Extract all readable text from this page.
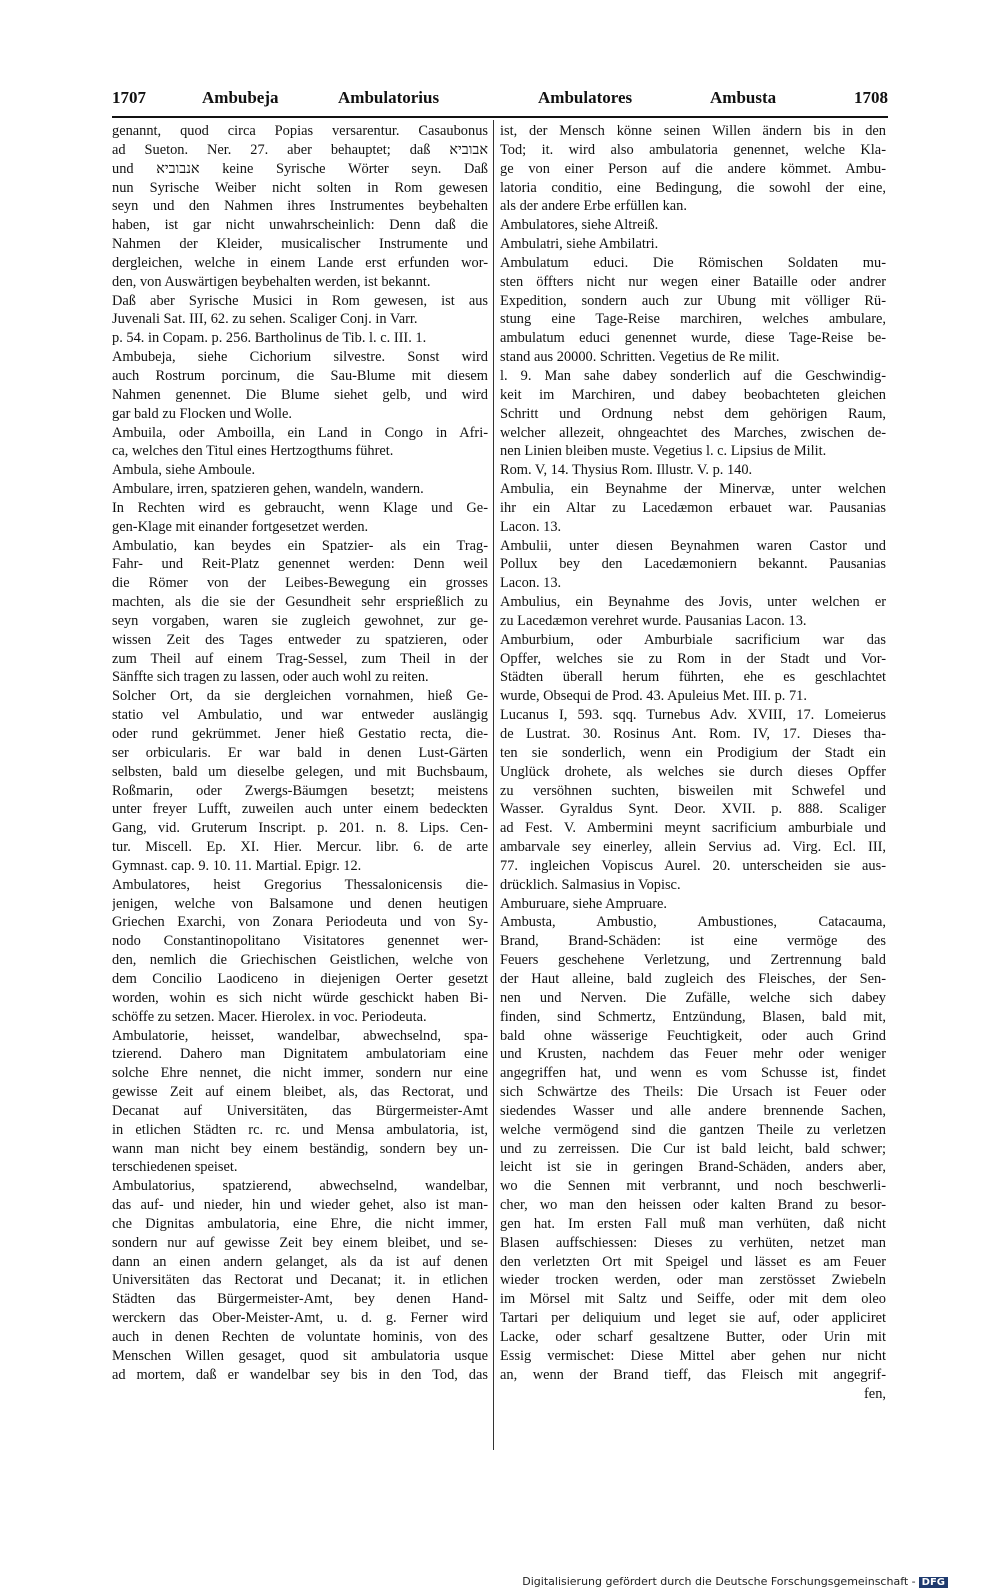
1707	Ambubeja	Ambulatorius	Ambulatores	Ambusta	1708
genannt, quod circa Popias versarentur. Casaubonus
ad Sueton. Ner. 27. aber behauptet; daß אבוביא
und אנבוביא keine Syrische Wörter seyn. Daß
nun Syrische Weiber nicht solten in Rom gewesen
seyn und den Nahmen ihres Instrumentes beybehalten
haben, ist gar nicht unwahrscheinlich: Denn daß die
Nahmen der Kleider, musicalischer Instrumente und
dergleichen, welche in einem Lande erst erfunden wor-
den, von Auswärtigen beybehalten werden, ist bekannt.
Daß aber Syrische Musici in Rom gewesen, ist aus
Juvenali Sat. III, 62. zu sehen. Scaliger Conj. in Varr.
p. 54. in Copam. p. 256. Bartholinus de Tib. l. c. III. 1.
Ambubeja, siehe Cichorium silvestre. Sonst wird
auch Rostrum porcinum, die Sau-Blume mit diesem
Nahmen genennet. Die Blume siehet gelb, und wird
gar bald zu Flocken und Wolle.
Ambuila, oder Amboilla, ein Land in Congo in Afri-
ca, welches den Titul eines Hertzogthums führet.
Ambula, siehe Amboule.
Ambulare, irren, spatzieren gehen, wandeln, wandern.
In Rechten wird es gebraucht, wenn Klage und Ge-
gen-Klage mit einander fortgesetzet werden.
Ambulatio, kan beydes ein Spatzier- als ein Trag-
Fahr- und Reit-Platz genennet werden: Denn weil
die Römer von der Leibes-Bewegung ein grosses
machten, als die sie der Gesundheit sehr ersprießlich zu
seyn vorgaben, waren sie zugleich gewohnet, zur ge-
wissen Zeit des Tages entweder zu spatzieren, oder
zum Theil auf einem Trag-Sessel, zum Theil in der
Sänffte sich tragen zu lassen, oder auch wohl zu reiten.
Solcher Ort, da sie dergleichen vornahmen, hieß Ge-
statio vel Ambulatio, und war entweder auslängig
oder rund gekrümmet. Jener hieß Gestatio recta, die-
ser orbicularis. Er war bald in denen Lust-Gärten
selbsten, bald um dieselbe gelegen, und mit Buchsbaum,
Roßmarin, oder Zwergs-Bäumgen besetzt; meistens
unter freyer Lufft, zuweilen auch unter einem bedeckten
Gang, vid. Gruterum Inscript. p. 201. n. 8. Lips. Cen-
tur. Miscell. Ep. XI. Hier. Mercur. libr. 6. de arte
Gymnast. cap. 9. 10. 11. Martial. Epigr. 12.
Ambulatores, heist Gregorius Thessalonicensis die-
jenigen, welche von Balsamone und denen heutigen
Griechen Exarchi, von Zonara Periodeuta und von Sy-
nodo Constantinopolitano Visitatores genennet wer-
den, nemlich die Griechischen Geistlichen, welche von
dem Concilio Laodiceno in diejenigen Oerter gesetzt
worden, wohin es sich nicht würde geschickt haben Bi-
schöffe zu setzen. Macer. Hierolex. in voc. Periodeuta.
Ambulatorie, heisset, wandelbar, abwechselnd, spa-
tzierend. Dahero man Dignitatem ambulatoriam eine
solche Ehre nennet, die nicht immer, sondern nur eine
gewisse Zeit auf einem bleibet, als, das Rectorat, und
Decanat auf Universitäten, das Bürgermeister-Amt
in etlichen Städten rc. rc. und Mensa ambulatoria, ist,
wann man nicht bey einem beständig, sondern bey un-
terschiedenen speiset.
Ambulatorius, spatzierend, abwechselnd, wandelbar,
das auf- und nieder, hin und wieder gehet, also ist man-
che Dignitas ambulatoria, eine Ehre, die nicht immer,
sondern nur auf gewisse Zeit bey einem bleibet, und se-
dann an einen andern gelanget, als da ist auf denen
Universitäten das Rectorat und Decanat; it. in etlichen
Städten das Bürgermeister-Amt, bey denen Hand-
werckern das Ober-Meister-Amt, u. d. g. Ferner wird
auch in denen Rechten de voluntate hominis, von des
Menschen Willen gesaget, quod sit ambulatoria usque
ad mortem, daß er wandelbar sey bis in den Tod, das
ist, der Mensch könne seinen Willen ändern bis in den
Tod; it. wird also ambulatoria genennet, welche Kla-
ge von einer Person auf die andere kömmet. Ambu-
latoria conditio, eine Bedingung, die sowohl der eine,
als der andere Erbe erfüllen kan.
Ambulatores, siehe Altreiß.
Ambulatri, siehe Ambilatri.
Ambulatum educi. Die Römischen Soldaten mu-
sten öffters nicht nur wegen einer Bataille oder andrer
Expedition, sondern auch zur Ubung mit völliger Rü-
stung eine Tage-Reise marchiren, welches ambulare,
ambulatum educi genennet wurde, diese Tage-Reise be-
stand aus 20000. Schritten. Vegetius de Re milit.
l. 9. Man sahe dabey sonderlich auf die Geschwindig-
keit im Marchiren, und dabey beobachteten gleichen
Schritt und Ordnung nebst dem gehörigen Raum,
welcher allezeit, ohngeachtet des Marches, zwischen de-
nen Linien bleiben muste. Vegetius l. c. Lipsius de Milit.
Rom. V, 14. Thysius Rom. Illustr. V. p. 140.
Ambulia, ein Beynahme der Minervæ, unter welchen
ihr ein Altar zu Lacedæmon erbauet war. Pausanias
Lacon. 13.
Ambulii, unter diesen Beynahmen waren Castor und
Pollux bey den Lacedæmoniern bekannt. Pausanias
Lacon. 13.
Ambulius, ein Beynahme des Jovis, unter welchen er
zu Lacedæmon verehret wurde. Pausanias Lacon. 13.
Amburbium, oder Amburbiale sacrificium war das
Opffer, welches sie zu Rom in der Stadt und Vor-
Städten überall herum führten, ehe es geschlachtet
wurde, Obsequi de Prod. 43. Apuleius Met. III. p. 71.
Lucanus I, 593. sqq. Turnebus Adv. XVIII, 17. Lomeierus
de Lustrat. 30. Rosinus Ant. Rom. IV, 17. Dieses tha-
ten sie sonderlich, wenn ein Prodigium der Stadt ein
Unglück drohete, als welches sie durch dieses Opffer
zu versöhnen suchten, bisweilen mit Schwefel und
Wasser. Gyraldus Synt. Deor. XVII. p. 888. Scaliger
ad Fest. V. Ambermini meynt sacrificium amburbiale und
ambarvale sey einerley, allein Servius ad. Virg. Ecl. III,
77. ingleichen Vopiscus Aurel. 20. unterscheiden sie aus-
drücklich. Salmasius in Vopisc.
Amburuare, siehe Ampruare.
Ambusta, Ambustio, Ambustiones, Catacauma,
Brand, Brand-Schäden: ist eine vermöge des
Feuers geschehene Verletzung, und Zertrennung bald
der Haut alleine, bald zugleich des Fleisches, der Sen-
nen und Nerven. Die Zufälle, welche sich dabey
finden, sind Schmertz, Entzündung, Blasen, bald mit,
bald ohne wässerige Feuchtigkeit, oder auch Grind
und Krusten, nachdem das Feuer mehr oder weniger
angegriffen hat, und wenn es vom Schusse ist, findet
sich Schwärtze des Theils: Die Ursach ist Feuer oder
siedendes Wasser und alle andere brennende Sachen,
welche vermögend sind die gantzen Theile zu verletzen
und zu zerreissen. Die Cur ist bald leicht, bald schwer;
leicht ist sie in geringen Brand-Schäden, anders aber,
wo die Sennen mit verbrannt, und noch beschwerli-
cher, wo man den heissen oder kalten Brand zu besor-
gen hat. Im ersten Fall muß man verhüten, daß nicht
Blasen auffschiessen: Dieses zu verhüten, netzet man
den verletzten Ort mit Speigel und lässet es am Feuer
wieder trocken werden, oder man zerstösset Zwiebeln
im Mörsel mit Saltz und Seiffe, oder mit dem oleo
Tartari per deliquium und leget sie auf, oder appliciret
Lacke, oder scharf gesaltzene Butter, oder Urin mit
Essig vermischet: Diese Mittel aber gehen nur nicht
an, wenn der Brand tieff, das Fleisch mit angegrif-
fen,
Digitalisierung gefördert durch die Deutsche Forschungsgemeinschaft - DFG
